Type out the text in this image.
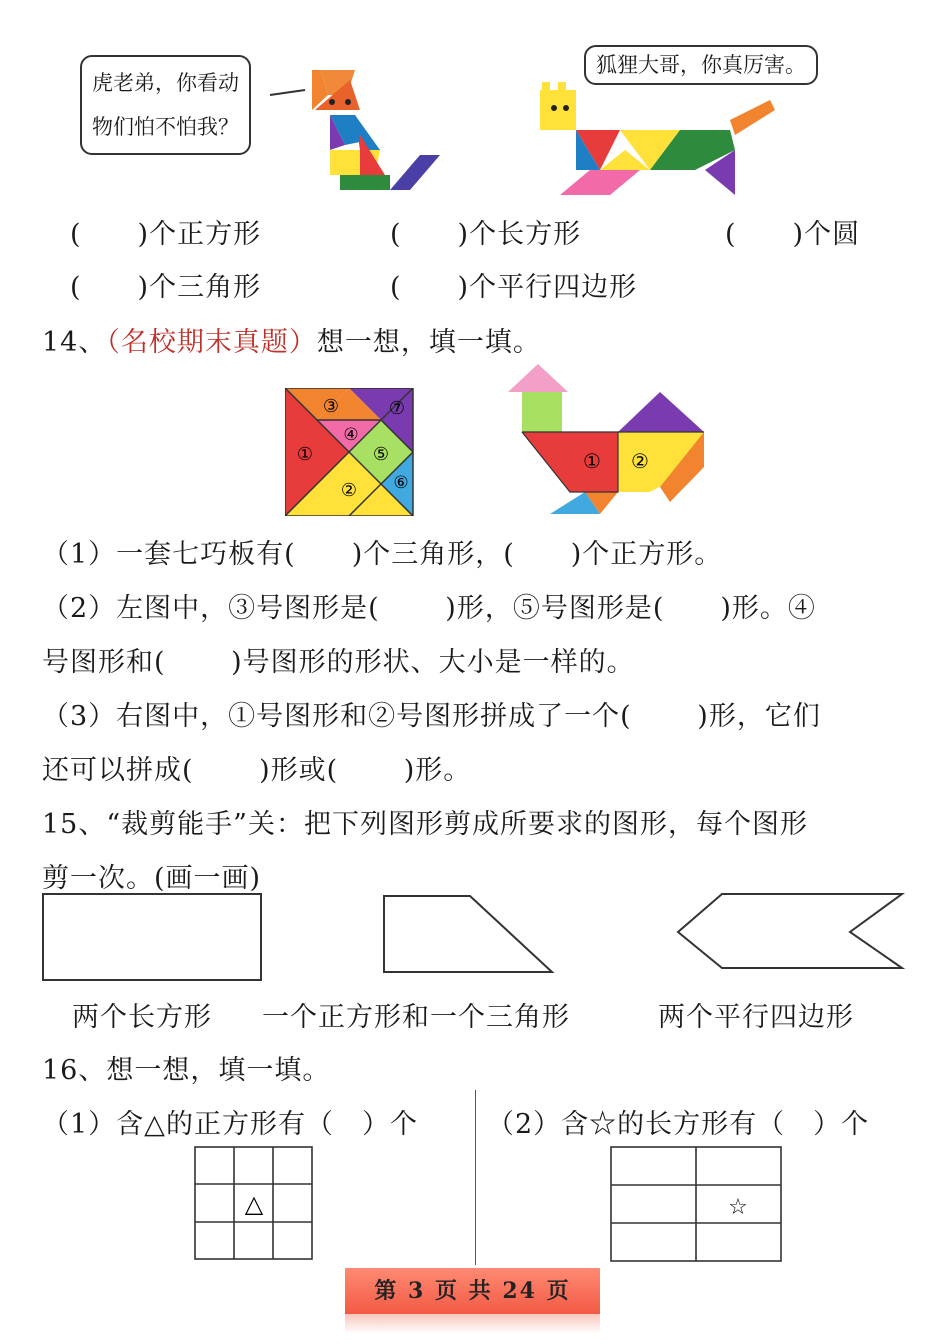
虎老弟，你看动
物们怕不怕我？
狐狸大哥，你真厉害。
(　　)个正方形	(　　)个长方形	(　　)个圆
(　　)个三角形	(　　)个平行四边形
14、（名校期末真题）想一想，填一填。
③	⑦
④
①	⑤
⑥
②
① ②
（1）一套七巧板有(　　)个三角形，(　　)个正方形。
（2）左图中，③号图形是(　　 )形，⑤号图形是(　　)形。④
号图形和(　　 )号图形的形状、大小是一样的。
（3）右图中，①号图形和②号图形拼成了一个(　　 )形，它们
还可以拼成(　　 )形或(　　 )形。
15、“裁剪能手”关：把下列图形剪成所要求的图形，每个图形
剪一次。(画一画)
两个长方形 一个正方形和一个三角形	两个平行四边形
16、想一想，填一填。
（1）含△的正方形有（　）个	（2）含☆的长方形有（　）个
△	☆
第 3 页 共 24 页
